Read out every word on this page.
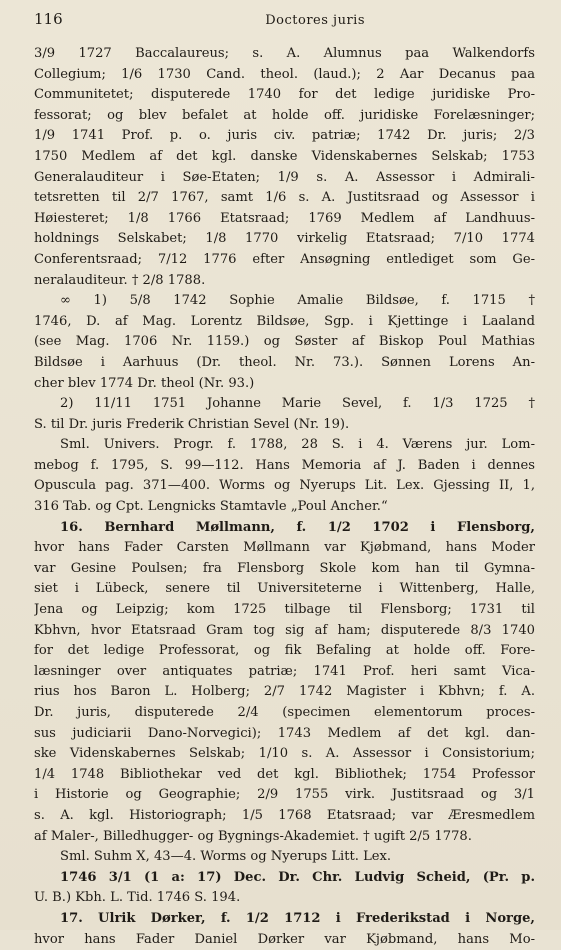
116	Doctores juris
3/9 1727 Baccalaureus; s. A. Alumnus paa Walkendorfs
Collegium; 1/6 1730 Cand. theol. (laud.); 2 Aar Decanus paa
Communitetet; disputerede 1740 for det ledige juridiske Pro-
fessorat; og blev befalet at holde off. juridiske Forelæsninger;
1/9 1741 Prof. p. o. juris civ. patriæ; 1742 Dr. juris; 2/3
1750 Medlem af det kgl. danske Videnskabernes Selskab; 1753
Generalauditeur i Søe-Etaten; 1/9 s. A. Assessor i Admirali-
tetsretten til 2/7 1767, samt 1/6 s. A. Justitsraad og Assessor i
Høiesteret; 1/8 1766 Etatsraad; 1769 Medlem af Landhuus-
holdnings Selskabet; 1/8 1770 virkelig Etatsraad; 7/10 1774
Conferentsraad; 7/12 1776 efter Ansøgning entlediget som Ge-
neralauditeur. † 2/8 1788.
∞ 1) 5/8 1742 Sophie Amalie Bildsøe, f. 1715 †
1746, D. af Mag. Lorentz Bildsøe, Sgp. i Kjettinge i Laaland
(see Mag. 1706 Nr. 1159.) og Søster af Biskop Poul Mathias
Bildsøe i Aarhuus (Dr. theol. Nr. 73.). Sønnen Lorens An-
cher blev 1774 Dr. theol (Nr. 93.)
2) 11/11 1751 Johanne Marie Sevel, f. 1/3 1725 †
S. til Dr. juris Frederik Christian Sevel (Nr. 19).
Sml. Univers. Progr. f. 1788, 28 S. i 4. Værens jur. Lom-
mebog f. 1795, S. 99—112. Hans Memoria af J. Baden i dennes
Opuscula pag. 371—400. Worms og Nyerups Lit. Lex. Gjessing II, 1,
316 Tab. og Cpt. Lengnicks Stamtavle „Poul Ancher.“
16. Bernhard Møllmann, f. 1/2 1702 i Flensborg,
hvor hans Fader Carsten Møllmann var Kjøbmand, hans Moder
var Gesine Poulsen; fra Flensborg Skole kom han til Gymna-
siet i Lübeck, senere til Universiteterne i Wittenberg, Halle,
Jena og Leipzig; kom 1725 tilbage til Flensborg; 1731 til
Kbhvn, hvor Etatsraad Gram tog sig af ham; disputerede 8/3 1740
for det ledige Professorat, og fik Befaling at holde off. Fore-
læsninger over antiquates patriæ; 1741 Prof. heri samt Vica-
rius hos Baron L. Holberg; 2/7 1742 Magister i Kbhvn; f. A.
Dr. juris, disputerede 2/4 (specimen elementorum proces-
sus judiciarii Dano-Norvegici); 1743 Medlem af det kgl. dan-
ske Videnskabernes Selskab; 1/10 s. A. Assessor i Consistorium;
1/4 1748 Bibliothekar ved det kgl. Bibliothek; 1754 Professor
i Historie og Geographie; 2/9 1755 virk. Justitsraad og 3/1
s. A. kgl. Historiograph; 1/5 1768 Etatsraad; var Æresmedlem
af Maler-, Billedhugger- og Bygnings-Akademiet. † ugift 2/5 1778.
Sml. Suhm X, 43—4. Worms og Nyerups Litt. Lex.
1746 3/1 (1 a: 17) Dec. Dr. Chr. Ludvig Scheid, (Pr. p.
U. B.) Kbh. L. Tid. 1746 S. 194.
17. Ulrik Dørker, f. 1/2 1712 i Frederikstad i Norge,
hvor hans Fader Daniel Dørker var Kjøbmand, hans Mo-
